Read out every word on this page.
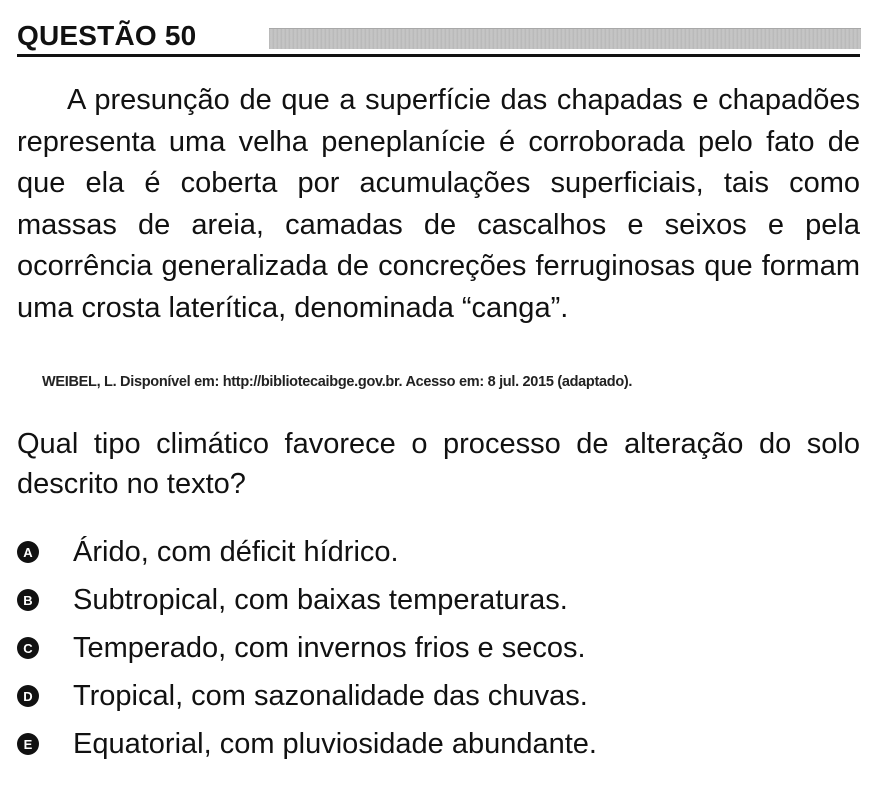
QUESTÃO 50

A presunção de que a superfície das chapadas e chapadões representa uma velha peneplanície é corroborada pelo fato de que ela é coberta por acumulações superficiais, tais como massas de areia, camadas de cascalhos e seixos e pela ocorrência generalizada de concreções ferruginosas que formam uma crosta laterítica, denominada “canga”.

WEIBEL, L. Disponível em: http://bibliotecaibge.gov.br. Acesso em: 8 jul. 2015 (adaptado).

Qual tipo climático favorece o processo de alteração do solo descrito no texto?

A Árido, com déficit hídrico.
B Subtropical, com baixas temperaturas.
C Temperado, com invernos frios e secos.
D Tropical, com sazonalidade das chuvas.
E Equatorial, com pluviosidade abundante.
